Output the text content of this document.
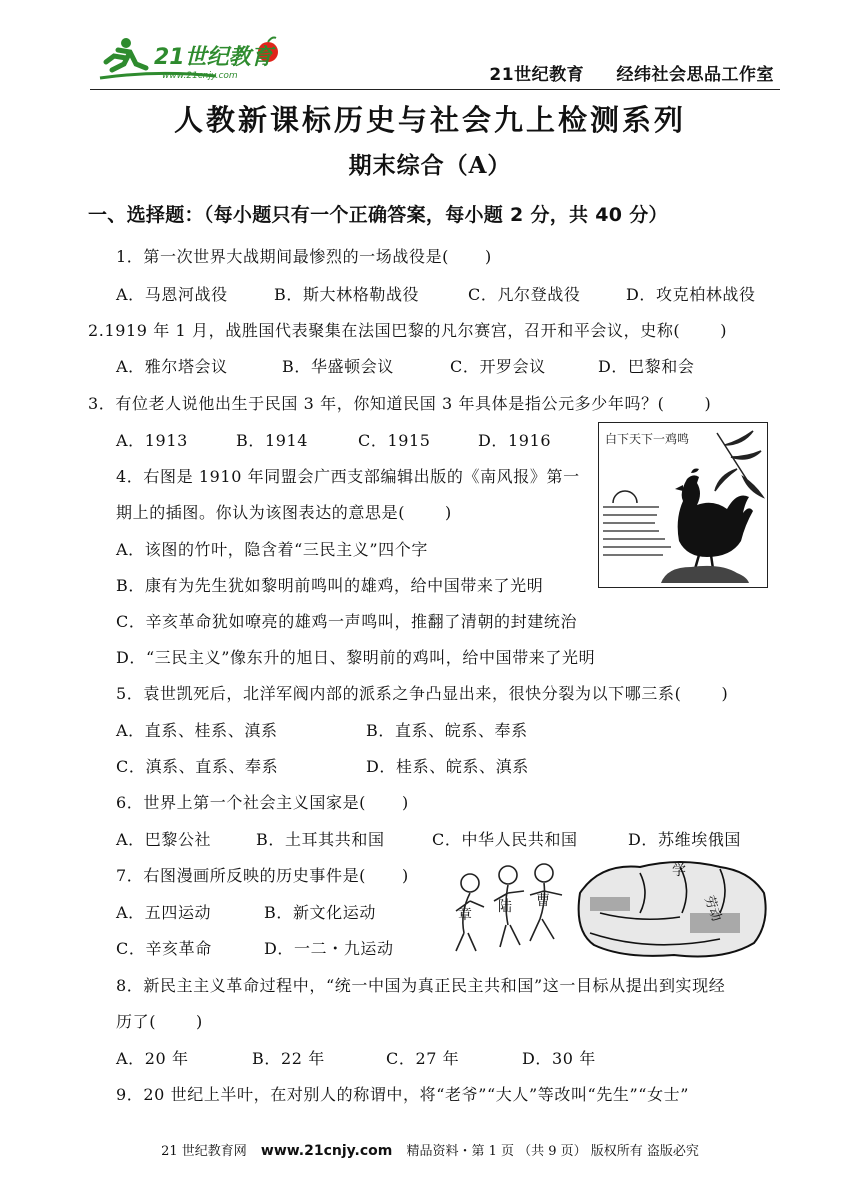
21世纪教育
www.21cnjy.com	21世纪教育 经纬社会思品工作室
人教新课标历史与社会九上检测系列
期末综合（A）
一、选择题：（每小题只有一个正确答案，每小题 2 分，共 40 分）
1．第一次世界大战期间最惨烈的一场战役是( )
A．马恩河战役	B．斯大林格勒战役	C．凡尔登战役	D．攻克柏林战役
2.1919 年 1 月，战胜国代表聚集在法国巴黎的凡尔赛宫，召开和平会议，史称(	)
A．雅尔塔会议	B．华盛顿会议	C．开罗会议	D．巴黎和会
3．有位老人说他出生于民国 3 年，你知道民国 3 年具体是指公元多少年吗？(	)
A．1913	B．1914	C．1915	D．1916	白下天下一鸡鸣
4．右图是 1910 年同盟会广西支部编辑出版的《南风报》第一
期上的插图。你认为该图表达的意思是(	)
A．该图的竹叶，隐含着“三民主义”四个字
B．康有为先生犹如黎明前鸣叫的雄鸡，给中国带来了光明
C．辛亥革命犹如嘹亮的雄鸡一声鸣叫，推翻了清朝的封建统治
D．“三民主义”像东升的旭日、黎明前的鸡叫，给中国带来了光明
5．袁世凯死后，北洋军阀内部的派系之争凸显出来，很快分裂为以下哪三系(	)
A．直系、桂系、滇系	B．直系、皖系、奉系
C．滇系、直系、奉系	D．桂系、皖系、滇系
6．世界上第一个社会主义国家是( )
A．巴黎公社	B．土耳其共和国	C．中华人民共和国	D．苏维埃俄国
章 陆 曹
学
劳动
7．右图漫画所反映的历史事件是( )
A．五四运动	B．新文化运动
C．辛亥革命	D．一二・九运动
8．新民主主义革命过程中，“统一中国为真正民主共和国”这一目标从提出到实现经
历了(	)
A．20 年	B．22 年	C．27 年	D．30 年
9．20 世纪上半叶，在对别人的称谓中，将“老爷”“大人”等改叫“先生”“女士”
21 世纪教育网 www.21cnjy.com 精品资料・第 1 页 （共 9 页） 版权所有 盗版必究
